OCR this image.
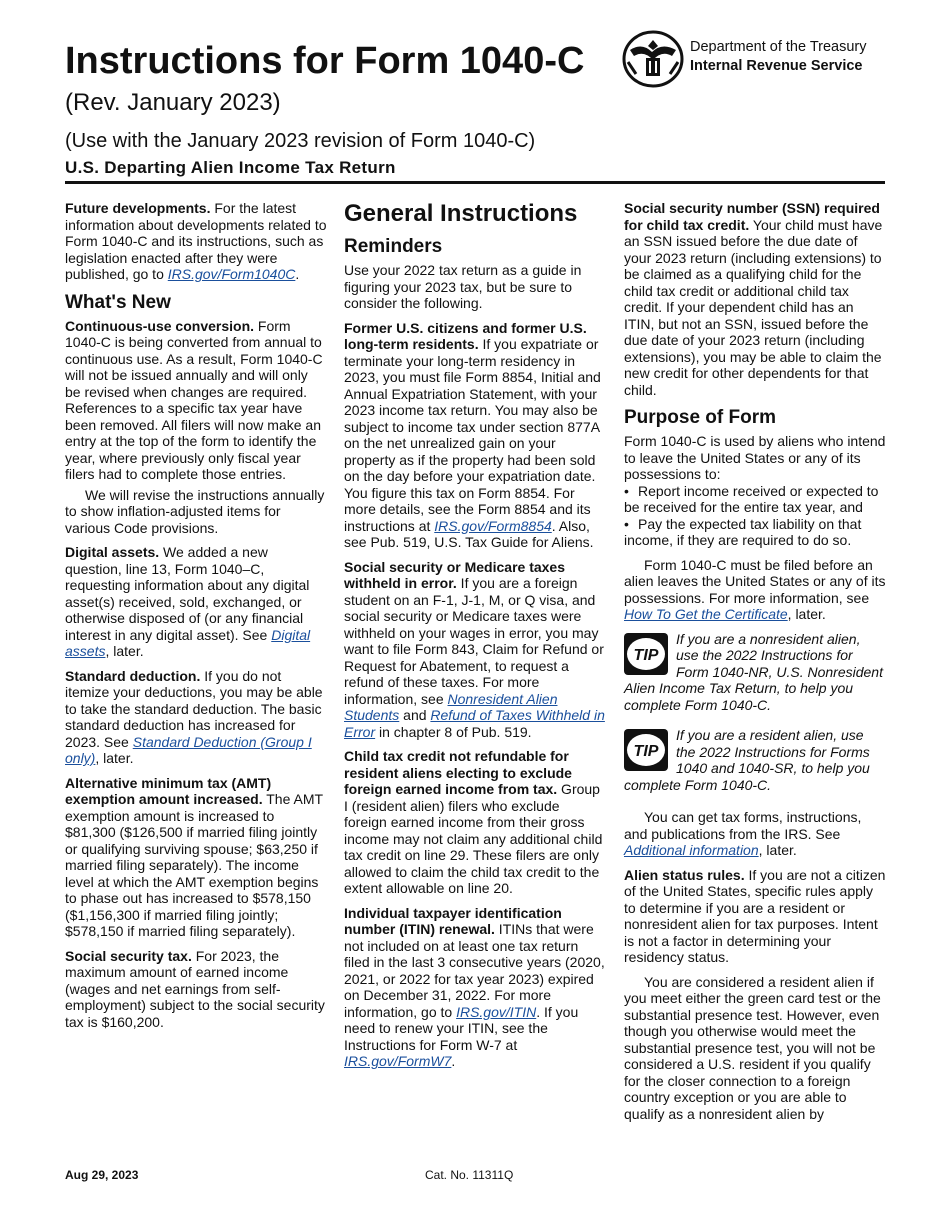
Instructions for Form 1040-C
(Rev. January 2023)
(Use with the January 2023 revision of Form 1040-C)
U.S. Departing Alien Income Tax Return
Department of the Treasury
Internal Revenue Service

Future developments. For the latest information about developments related to Form 1040-C and its instructions, such as legislation enacted after they were published, go to IRS.gov/Form1040C.

What's New

Continuous-use conversion. Form 1040-C is being converted from annual to continuous use. As a result, Form 1040-C will not be issued annually and will only be revised when changes are required. References to a specific tax year have been removed. All filers will now make an entry at the top of the form to identify the year, where previously only fiscal year filers had to complete those entries.

We will revise the instructions annually to show inflation-adjusted items for various Code provisions.

Digital assets. We added a new question, line 13, Form 1040–C, requesting information about any digital asset(s) received, sold, exchanged, or otherwise disposed of (or any financial interest in any digital asset). See Digital assets, later.

Standard deduction. If you do not itemize your deductions, you may be able to take the standard deduction. The basic standard deduction has increased for 2023. See Standard Deduction (Group I only), later.

Alternative minimum tax (AMT) exemption amount increased. The AMT exemption amount is increased to $81,300 ($126,500 if married filing jointly or qualifying surviving spouse; $63,250 if married filing separately). The income level at which the AMT exemption begins to phase out has increased to $578,150 ($1,156,300 if married filing jointly; $578,150 if married filing separately).

Social security tax. For 2023, the maximum amount of earned income (wages and net earnings from self-employment) subject to the social security tax is $160,200.

General Instructions
Reminders

Use your 2022 tax return as a guide in figuring your 2023 tax, but be sure to consider the following.

Former U.S. citizens and former U.S. long-term residents. If you expatriate or terminate your long-term residency in 2023, you must file Form 8854, Initial and Annual Expatriation Statement, with your 2023 income tax return. You may also be subject to income tax under section 877A on the net unrealized gain on your property as if the property had been sold on the day before your expatriation date. You figure this tax on Form 8854. For more details, see the Form 8854 and its instructions at IRS.gov/Form8854. Also, see Pub. 519, U.S. Tax Guide for Aliens.

Social security or Medicare taxes withheld in error. If you are a foreign student on an F-1, J-1, M, or Q visa, and social security or Medicare taxes were withheld on your wages in error, you may want to file Form 843, Claim for Refund or Request for Abatement, to request a refund of these taxes. For more information, see Nonresident Alien Students and Refund of Taxes Withheld in Error in chapter 8 of Pub. 519.

Child tax credit not refundable for resident aliens electing to exclude foreign earned income from tax. Group I (resident alien) filers who exclude foreign earned income from their gross income may not claim any additional child tax credit on line 29. These filers are only allowed to claim the child tax credit to the extent allowable on line 20.

Individual taxpayer identification number (ITIN) renewal. ITINs that were not included on at least one tax return filed in the last 3 consecutive years (2020, 2021, or 2022 for tax year 2023) expired on December 31, 2022. For more information, go to IRS.gov/ITIN. If you need to renew your ITIN, see the Instructions for Form W-7 at IRS.gov/FormW7.

Social security number (SSN) required for child tax credit. Your child must have an SSN issued before the due date of your 2023 return (including extensions) to be claimed as a qualifying child for the child tax credit or additional child tax credit. If your dependent child has an ITIN, but not an SSN, issued before the due date of your 2023 return (including extensions), you may be able to claim the new credit for other dependents for that child.

Purpose of Form

Form 1040-C is used by aliens who intend to leave the United States or any of its possessions to:

• Report income received or expected to be received for the entire tax year, and

• Pay the expected tax liability on that income, if they are required to do so.

Form 1040-C must be filed before an alien leaves the United States or any of its possessions. For more information, see How To Get the Certificate, later.

TIP
If you are a nonresident alien, use the 2022 Instructions for Form 1040-NR, U.S. Nonresident Alien Income Tax Return, to help you complete Form 1040-C.
TIP
If you are a resident alien, use the 2022 Instructions for Forms 1040 and 1040-SR, to help you complete Form 1040-C.

You can get tax forms, instructions, and publications from the IRS. See Additional information, later.

Alien status rules. If you are not a citizen of the United States, specific rules apply to determine if you are a resident or nonresident alien for tax purposes. Intent is not a factor in determining your residency status.

You are considered a resident alien if you meet either the green card test or the substantial presence test. However, even though you otherwise would meet the substantial presence test, you will not be considered a U.S. resident if you qualify for the closer connection to a foreign country exception or you are able to qualify as a nonresident alien by

Aug 29, 2023	Cat. No. 11311Q
